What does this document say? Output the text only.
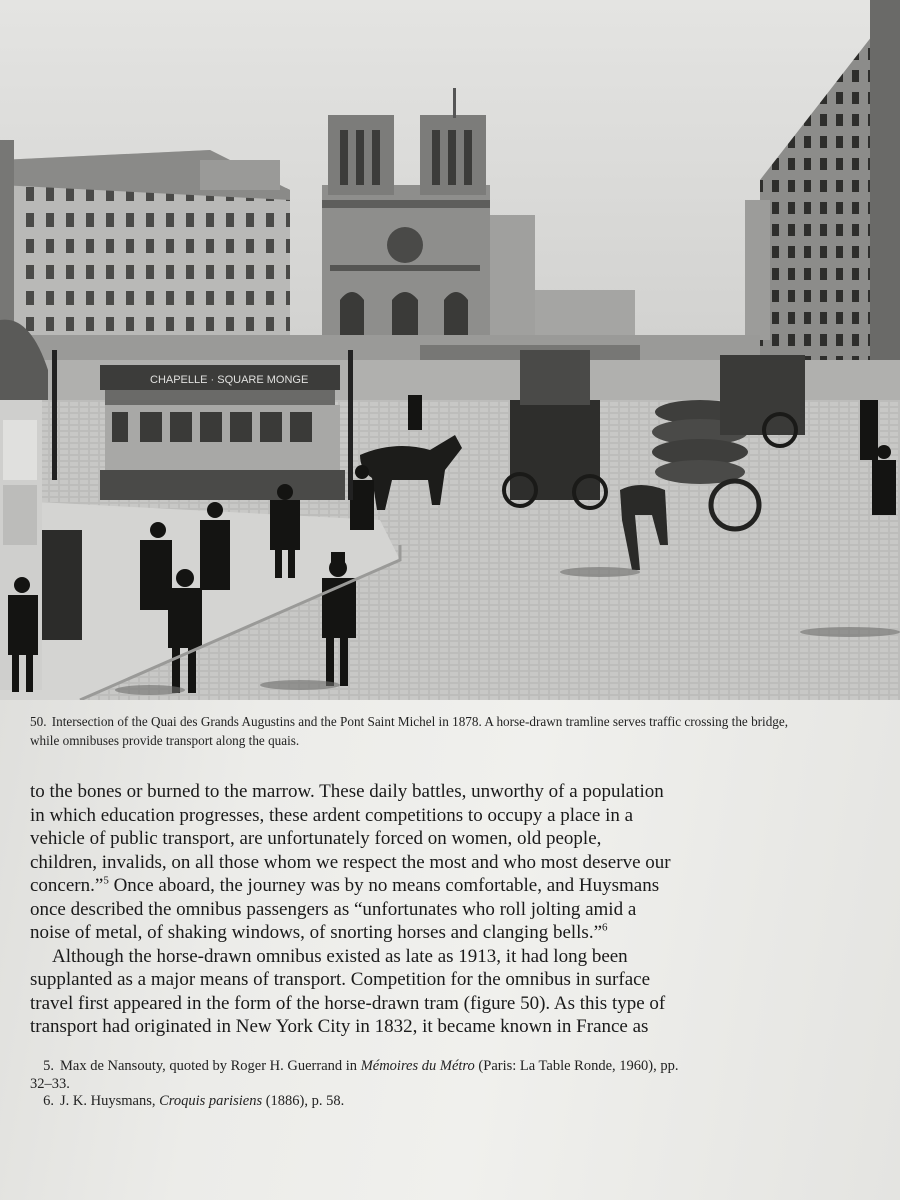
CHAPELLE · SQUARE MONGE
50. Intersection of the Quai des Grands Augustins and the Pont Saint Michel in 1878. A horse-drawn tramline serves traffic crossing the bridge, while omnibuses provide transport along the quais.

to the bones or burned to the marrow. These daily battles, unworthy of a population
in which education progresses, these ardent competitions to occupy a place in a
vehicle of public transport, are unfortunately forced on women, old people,
children, invalids, on all those whom we respect the most and who most deserve our
concern.”$^5$ Once aboard, the journey was by no means comfortable, and Huysmans
once described the omnibus passengers as “unfortunates who roll jolting amid a
noise of metal, of shaking windows, of snorting horses and clanging bells.”$^6$

Although the horse-drawn omnibus existed as late as 1913, it had long been
supplanted as a major means of transport. Competition for the omnibus in surface
travel first appeared in the form of the horse-drawn tram (figure 50). As this type of
transport had originated in New York City in 1832, it became known in France as

5. Max de Nansouty, quoted by Roger H. Guerrand in Mémoires du Métro (Paris: La Table Ronde, 1960), pp.
32–33.
6. J. K. Huysmans, Croquis parisiens (1886), p. 58.
